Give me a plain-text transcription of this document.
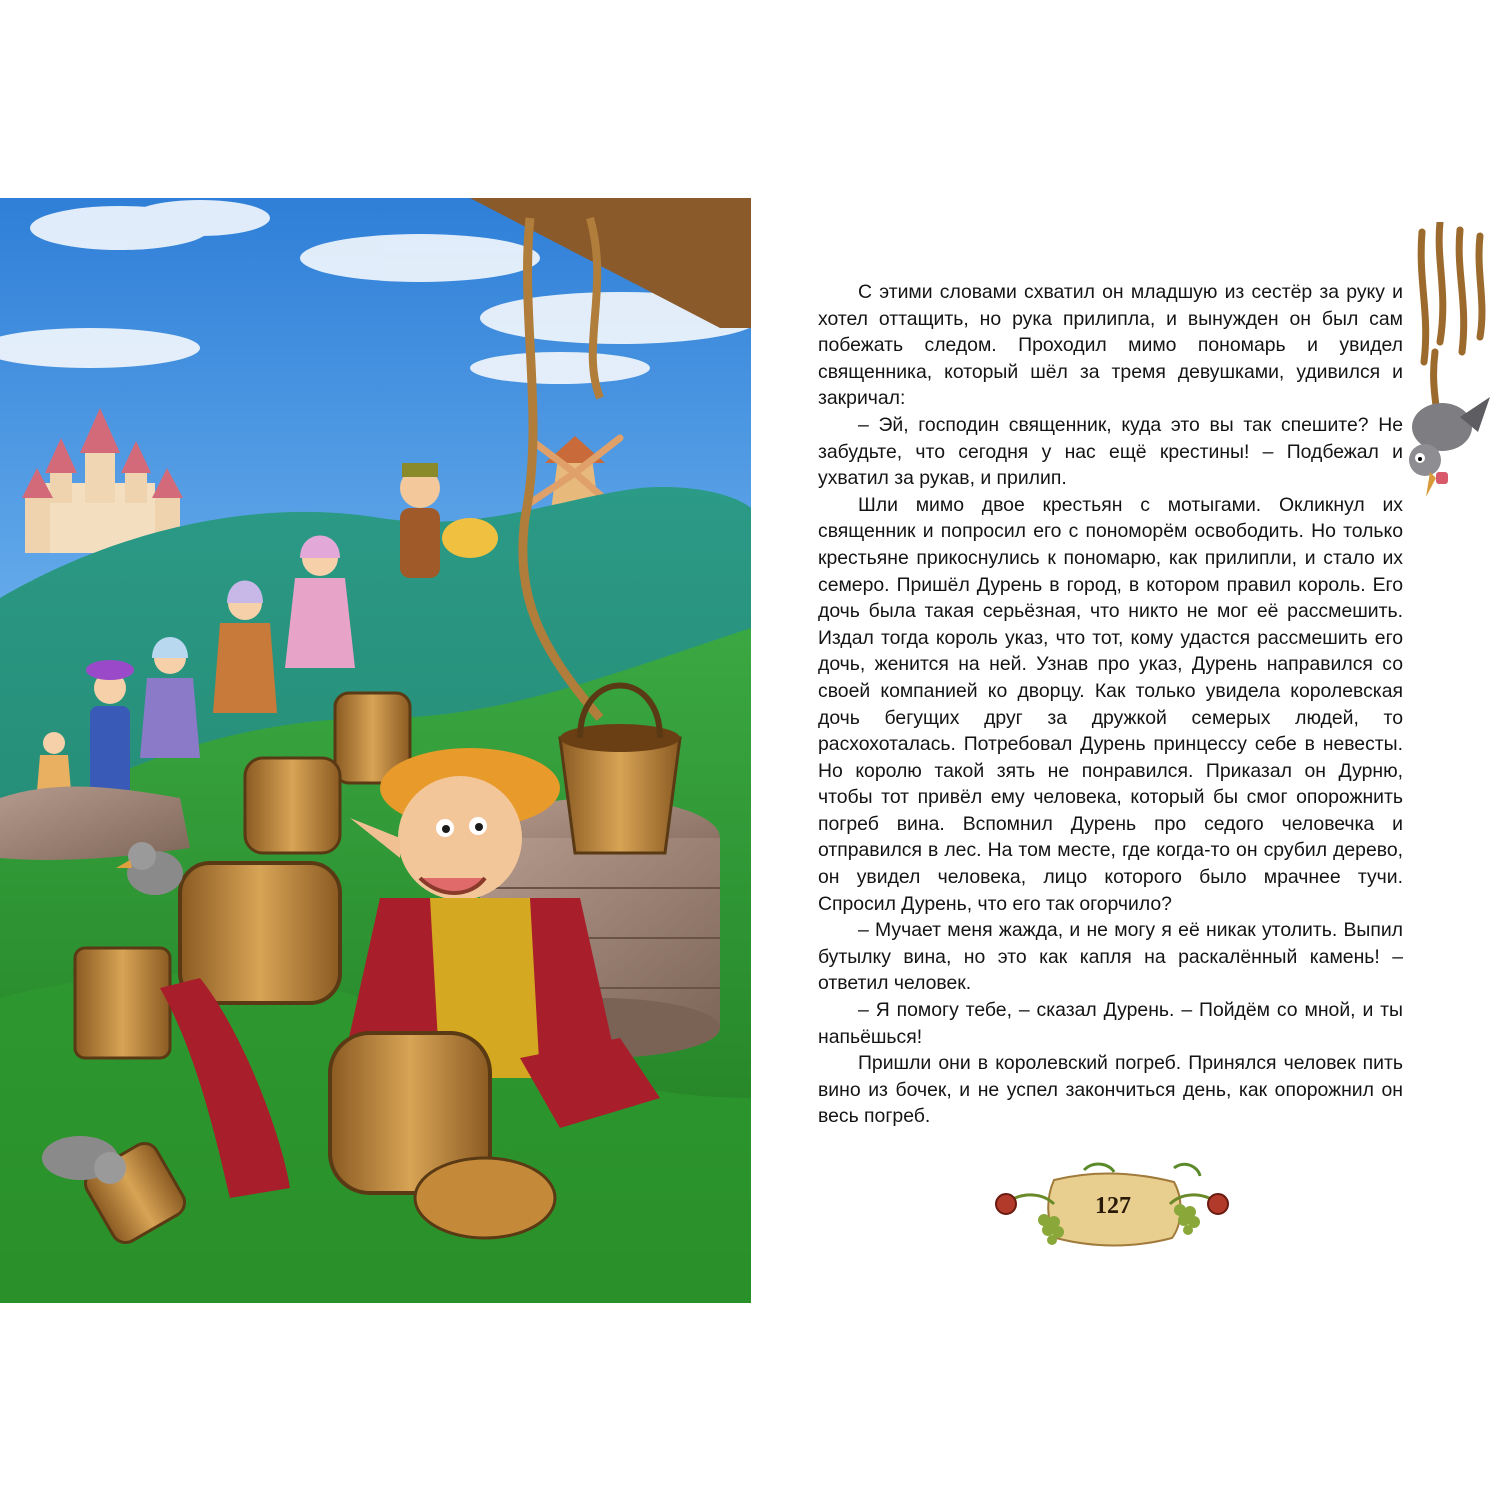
С этими словами схватил он младшую из сестёр за руку и хотел оттащить, но рука прилипла, и вынужден он был сам побежать следом. Проходил мимо пономарь и увидел священника, который шёл за тремя девушками, удивился и закричал:

– Эй, господин священник, куда это вы так спешите? Не забудьте, что сегодня у нас ещё крестины! – Подбежал и ухватил за рукав, и прилип.

Шли мимо двое крестьян с мотыгами. Окликнул их священник и попросил его с пономорём освободить. Но только крестьяне прикоснулись к пономарю, как прилипли, и стало их семеро. Пришёл Дурень в город, в котором правил король. Его дочь была такая серьёзная, что никто не мог её рассмешить. Издал тогда король указ, что тот, кому удастся рассмешить его дочь, женится на ней. Узнав про указ, Дурень направился со своей компанией ко дворцу. Как только увидела королевская дочь бегущих друг за дружкой семерых людей, то расхохоталась. Потребовал Дурень принцессу себе в невесты. Но королю такой зять не понравился. Приказал он Дурню, чтобы тот привёл ему человека, который бы смог опорожнить погреб вина. Вспомнил Дурень про седого человечка и отправился в лес. На том месте, где когда-то он срубил дерево, он увидел человека, лицо которого было мрачнее тучи. Спросил Дурень, что его так огорчило?

– Мучает меня жажда, и не могу я её никак утолить. Выпил бутылку вина, но это как капля на раскалённый камень! – ответил человек.

– Я помогу тебе, – сказал Дурень. – Пойдём со мной, и ты напьёшься!

Пришли они в королевский погреб. Принялся человек пить вино из бочек, и не успел закончиться день, как опорожнил он весь погреб.

127
